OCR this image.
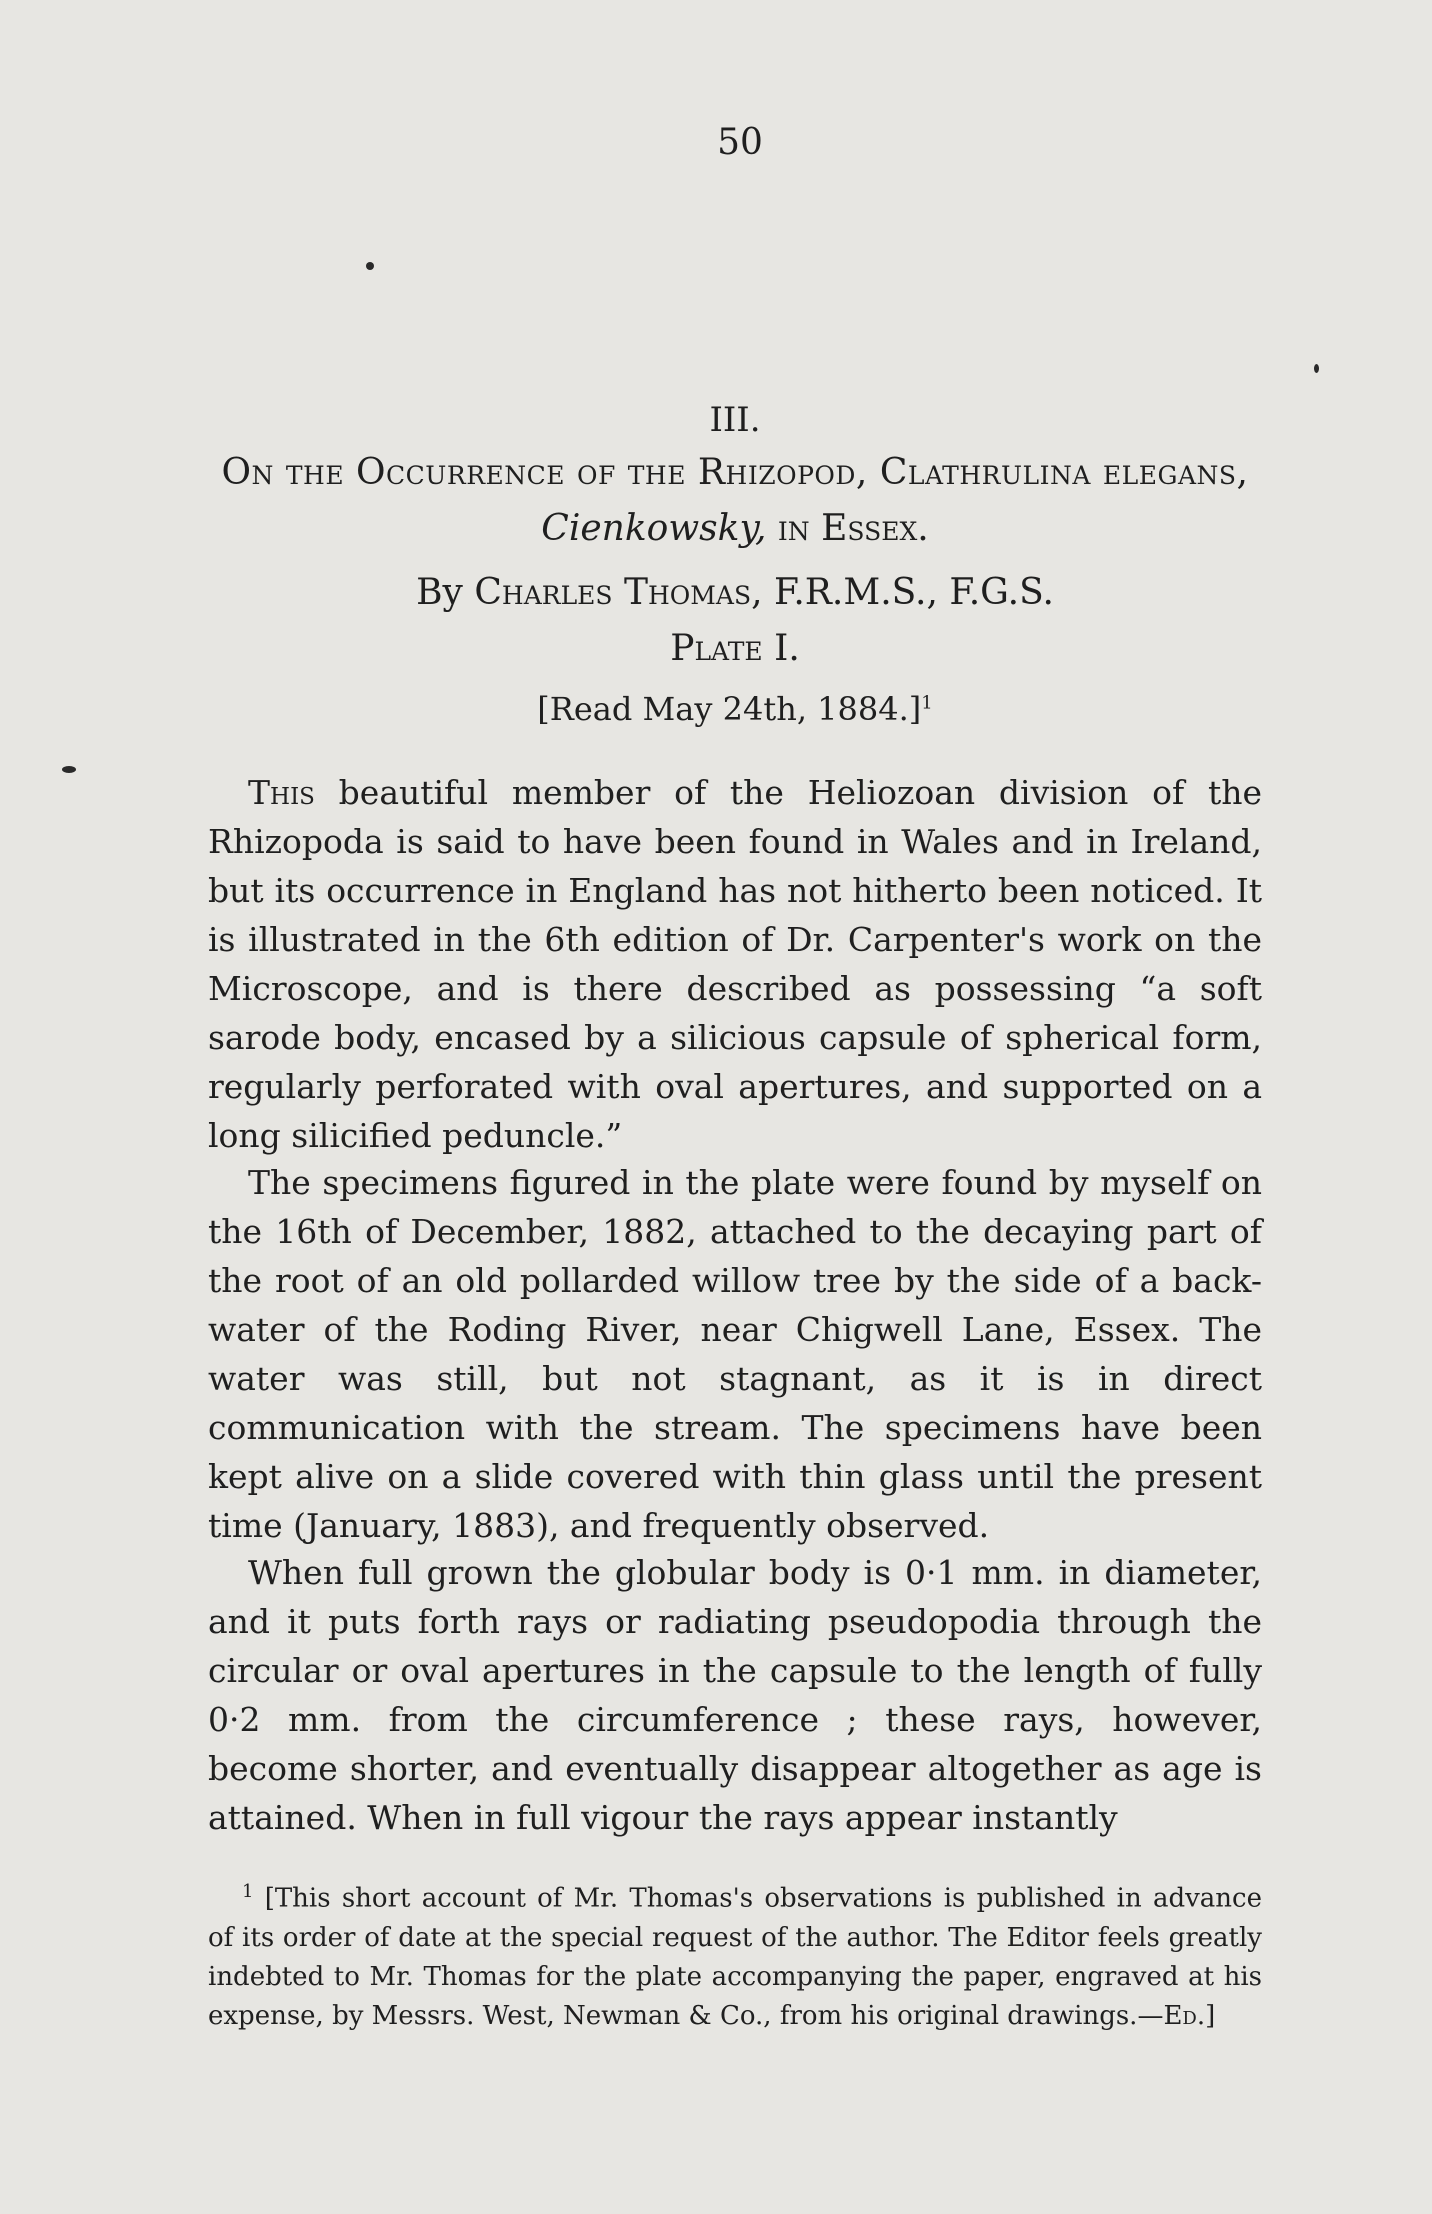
50
III.
On the Occurrence of the Rhizopod, Clathrulina elegans,
Cienkowsky, in Essex.
By Charles Thomas, F.R.M.S., F.G.S.
Plate I.
[Read May 24th, 1884.]$^1$

This beautiful member of the Heliozoan division of the Rhizopoda is said to have been found in Wales and in Ireland, but its occurrence in England has not hitherto been noticed. It is illustrated in the 6th edition of Dr. Carpenter's work on the Microscope, and is there described as possessing “a soft sarode body, encased by a silicious capsule of spherical form, regularly perforated with oval apertures, and supported on a long silicified peduncle.”

The specimens figured in the plate were found by myself on the 16th of December, 1882, attached to the decaying part of the root of an old pollarded willow tree by the side of a back-water of the Roding River, near Chigwell Lane, Essex. The water was still, but not stagnant, as it is in direct communication with the stream. The specimens have been kept alive on a slide covered with thin glass until the present time (January, 1883), and frequently observed.

When full grown the globular body is 0·1 mm. in diameter, and it puts forth rays or radiating pseudopodia through the circular or oval apertures in the capsule to the length of fully 0·2 mm. from the circumference ; these rays, however, become shorter, and eventually disappear altogether as age is attained. When in full vigour the rays appear instantly

$^1$ [This short account of Mr. Thomas's observations is published in advance of its order of date at the special request of the author. The Editor feels greatly indebted to Mr. Thomas for the plate accompanying the paper, engraved at his expense, by Messrs. West, Newman & Co., from his original drawings.—Ed.]
